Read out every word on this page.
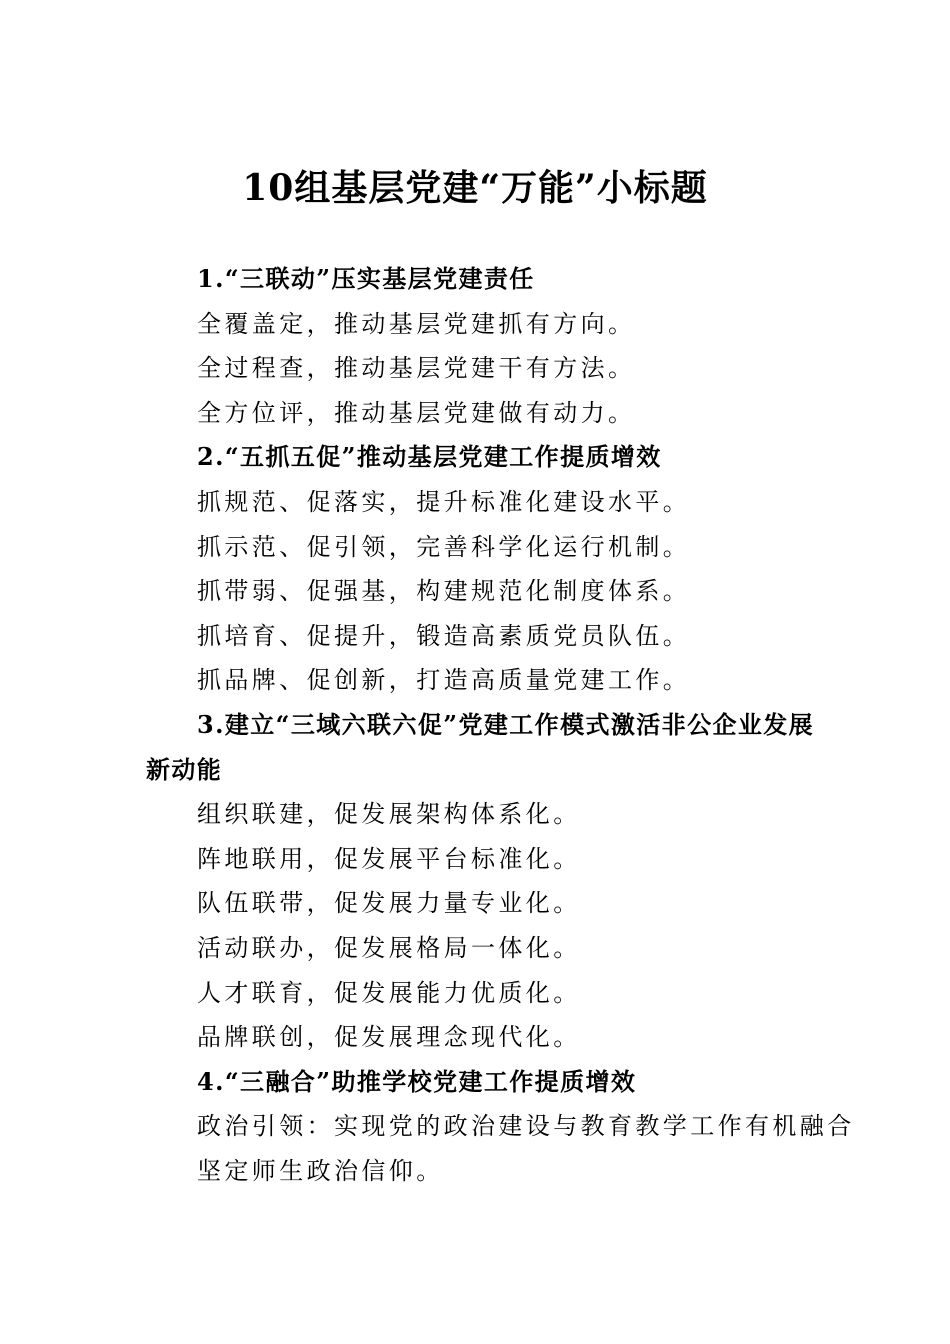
10组基层党建“万能”小标题
1.“三联动”压实基层党建责任
全覆盖定，推动基层党建抓有方向。
全过程查，推动基层党建干有方法。
全方位评，推动基层党建做有动力。
2.“五抓五促”推动基层党建工作提质增效
抓规范、促落实，提升标准化建设水平。
抓示范、促引领，完善科学化运行机制。
抓带弱、促强基，构建规范化制度体系。
抓培育、促提升，锻造高素质党员队伍。
抓品牌、促创新，打造高质量党建工作。
3.建立“三域六联六促”党建工作模式激活非公企业发展新动能
组织联建，促发展架构体系化。
阵地联用，促发展平台标准化。
队伍联带，促发展力量专业化。
活动联办，促发展格局一体化。
人才联育，促发展能力优质化。
品牌联创，促发展理念现代化。
4.“三融合”助推学校党建工作提质增效
政治引领：实现党的政治建设与教育教学工作有机融合
坚定师生政治信仰。
